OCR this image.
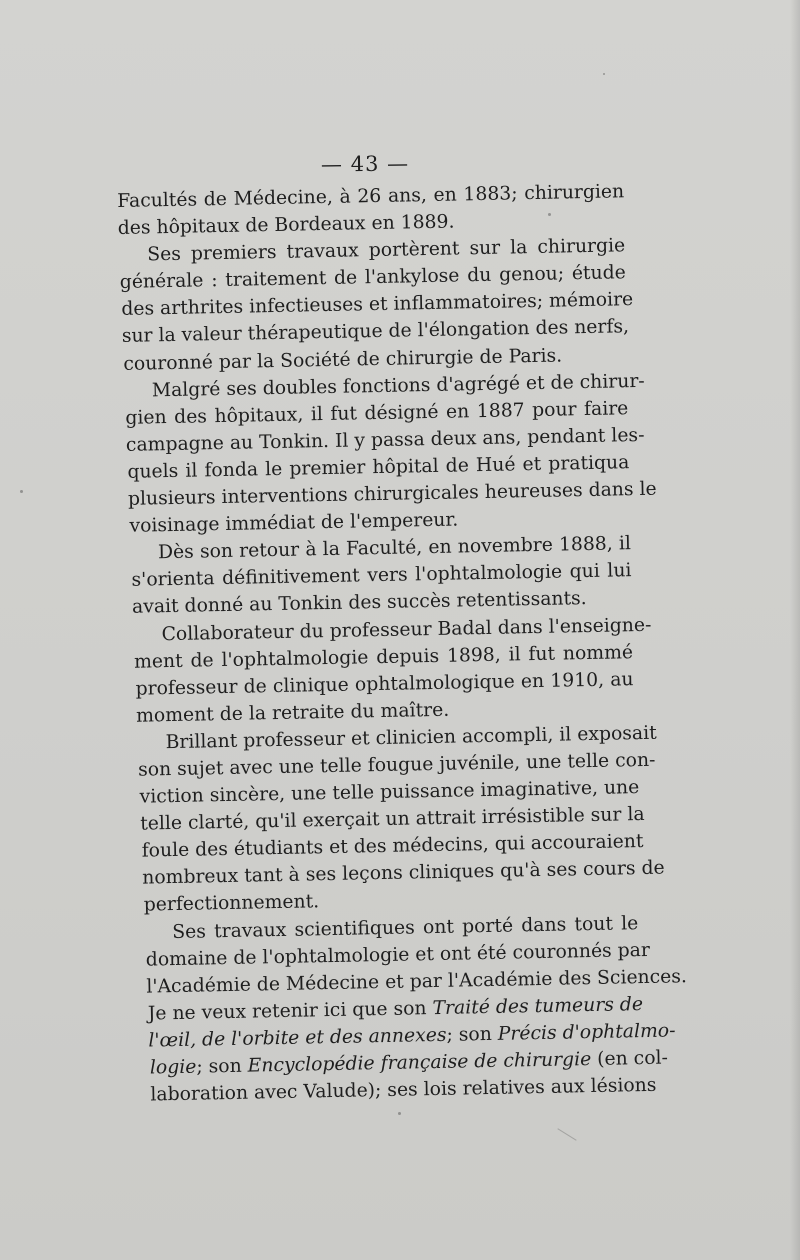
— 43 —
Facultés de Médecine, à 26 ans, en 1883; chirurgien
des hôpitaux de Bordeaux en 1889.
Ses premiers travaux portèrent sur la chirurgie
générale : traitement de l'ankylose du genou; étude
des arthrites infectieuses et inflammatoires; mémoire
sur la valeur thérapeutique de l'élongation des nerfs,
couronné par la Société de chirurgie de Paris.
Malgré ses doubles fonctions d'agrégé et de chirur-
gien des hôpitaux, il fut désigné en 1887 pour faire
campagne au Tonkin. Il y passa deux ans, pendant les-
quels il fonda le premier hôpital de Hué et pratiqua
plusieurs interventions chirurgicales heureuses dans le
voisinage immédiat de l'empereur.
Dès son retour à la Faculté, en novembre 1888, il
s'orienta définitivement vers l'ophtalmologie qui lui
avait donné au Tonkin des succès retentissants.
Collaborateur du professeur Badal dans l'enseigne-
ment de l'ophtalmologie depuis 1898, il fut nommé
professeur de clinique ophtalmologique en 1910, au
moment de la retraite du maître.
Brillant professeur et clinicien accompli, il exposait
son sujet avec une telle fougue juvénile, une telle con-
viction sincère, une telle puissance imaginative, une
telle clarté, qu'il exerçait un attrait irrésistible sur la
foule des étudiants et des médecins, qui accouraient
nombreux tant à ses leçons cliniques qu'à ses cours de
perfectionnement.
Ses travaux scientifiques ont porté dans tout le
domaine de l'ophtalmologie et ont été couronnés par
l'Académie de Médecine et par l'Académie des Sciences.
Je ne veux retenir ici que son Traité des tumeurs de
l'œil, de l'orbite et des annexes; son Précis d'ophtalmo-
logie; son Encyclopédie française de chirurgie (en col-
laboration avec Valude); ses lois relatives aux lésions
